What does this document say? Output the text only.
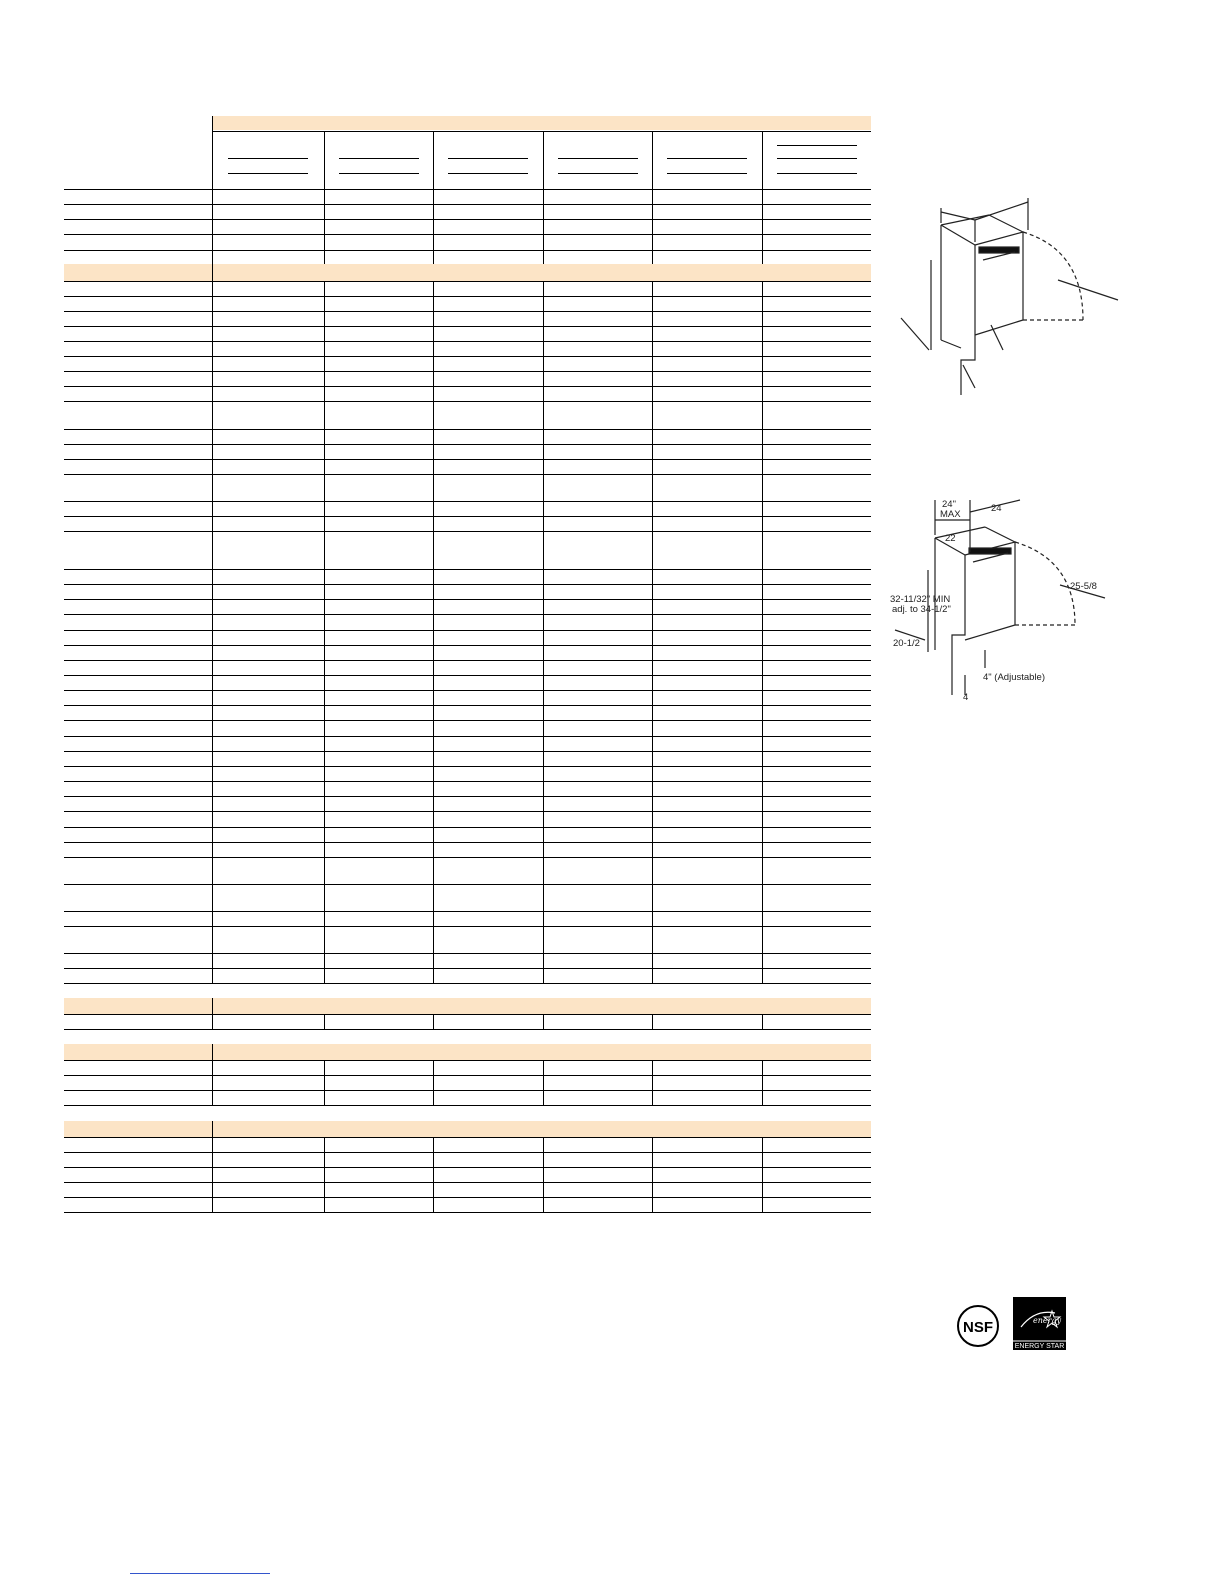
24"
MAX
24
22
32-11/32" MIN
adj. to 34-1/2"
25-5/8
20-1/2
4" (Adjustable)
4
NSF	energy
ENERGY STAR
